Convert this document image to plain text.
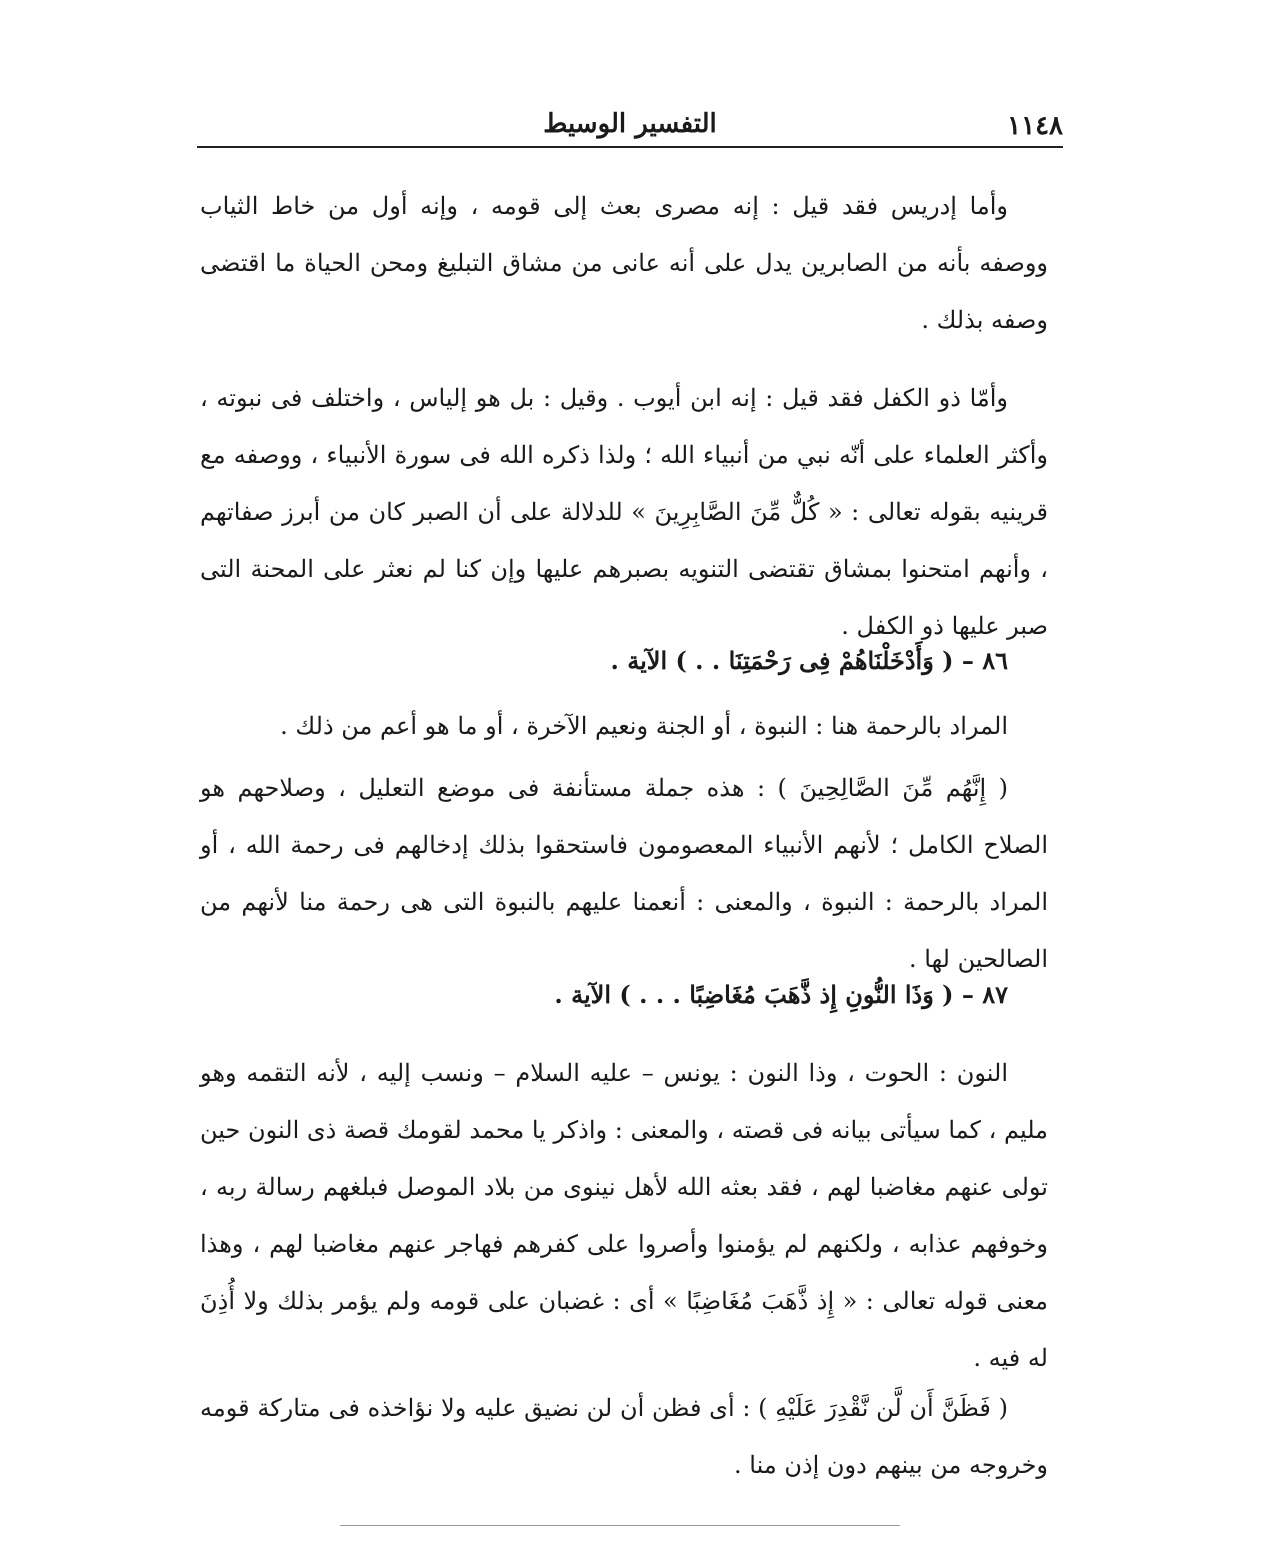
١١٤٨
التفسير الوسيط

وأما إدريس فقد قيل : إنه مصرى بعث إلى قومه ، وإنه أول من خاط الثياب ووصفه بأنه من الصابرين يدل على أنه عانى من مشاق التبليغ ومحن الحياة ما اقتضى وصفه بذلك .

وأمّا ذو الكفل فقد قيل : إنه ابن أيوب . وقيل : بل هو إلياس ، واختلف فى نبوته ، وأكثر العلماء على أنّه نبي من أنبياء الله ؛ ولذا ذكره الله فى سورة الأنبياء ، ووصفه مع قرينيه بقوله تعالى : « كُلٌّ مِّنَ الصَّابِرِينَ » للدلالة على أن الصبر كان من أبرز صفاتهم ، وأنهم امتحنوا بمشاق تقتضى التنويه بصبرهم عليها وإن كنا لم نعثر على المحنة التى صبر عليها ذو الكفل .

٨٦ – ( وَأَدْخَلْنَاهُمْ فِى رَحْمَتِنَا . . ) الآية .

المراد بالرحمة هنا : النبوة ، أو الجنة ونعيم الآخرة ، أو ما هو أعم من ذلك .

( إِنَّهُم مِّنَ الصَّالِحِينَ ) : هذه جملة مستأنفة فى موضع التعليل ، وصلاحهم هو الصلاح الكامل ؛ لأنهم الأنبياء المعصومون فاستحقوا بذلك إدخالهم فى رحمة الله ، أو المراد بالرحمة : النبوة ، والمعنى : أنعمنا عليهم بالنبوة التى هى رحمة منا لأنهم من الصالحين لها .

٨٧ – ( وَذَا النُّونِ إِذ ذَّهَبَ مُغَاضِبًا . . . ) الآية .

النون : الحوت ، وذا النون : يونس – عليه السلام – ونسب إليه ، لأنه التقمه وهو مليم ، كما سيأتى بيانه فى قصته ، والمعنى : واذكر يا محمد لقومك قصة ذى النون حين تولى عنهم مغاضبا لهم ، فقد بعثه الله لأهل نينوى من بلاد الموصل فبلغهم رسالة ربه ، وخوفهم عذابه ، ولكنهم لم يؤمنوا وأصروا على كفرهم فهاجر عنهم مغاضبا لهم ، وهذا معنى قوله تعالى : « إِذ ذَّهَبَ مُغَاضِبًا » أى : غضبان على قومه ولم يؤمر بذلك ولا أُذِنَ له فيه .

( فَظَنَّ أَن لَّن نَّقْدِرَ عَلَيْهِ ) : أى فظن أن لن نضيق عليه ولا نؤاخذه فى متاركة قومه وخروجه من بينهم دون إذن منا .
